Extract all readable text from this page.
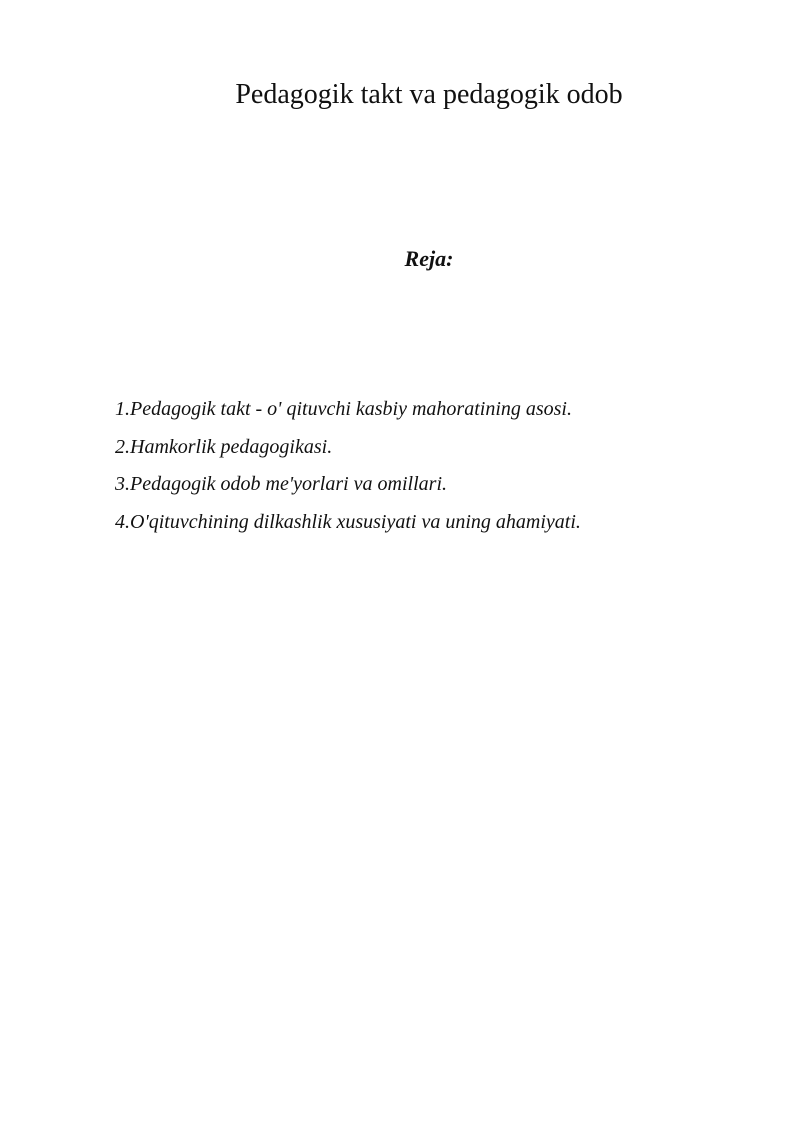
Pedagogik takt va pedagogik odob
Reja:
1.Pedagogik takt - o' qituvchi kasbiy mahoratining asosi.
2.Hamkorlik pedagogikasi.
3.Pedagogik odob me'yorlari va omillari.
4.O'qituvchining dilkashlik xususiyati va uning ahamiyati.
